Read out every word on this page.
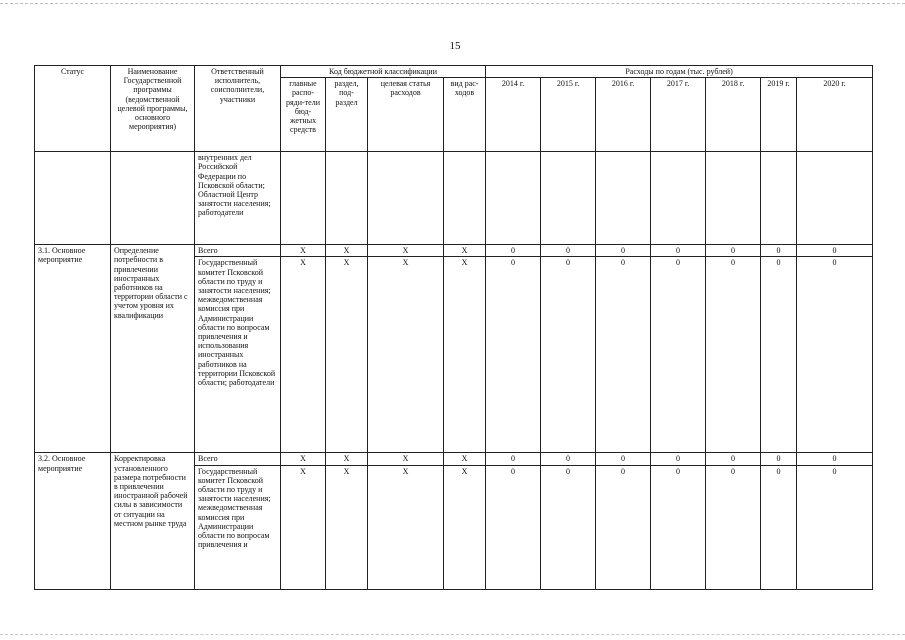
15
Статус	Наименование Государственной программы (ведомственной целевой программы, основного мероприятия)	Ответственный исполнитель, соисполнители, участники	Код бюджетной классификации				Расходы по годам (тыс. рублей)						
			главные распо-ряди-тели бюд-жетных средств	раздел, под-раздел	целевая статья расходов	вид рас-ходов	2014 г.	2015 г.	2016 г.	2017 г.	2018 г.	2019 г.	2020 г.
		внутренних дел Российской Федерации по Псковской области; Областной Центр занятости населения; работодатели											
3.1. Основное мероприятие	Определение потребности в привлечении иностранных работников на территории области с учетом уровня их квалификации	Всего	Х	Х	Х	Х	0	0	0	0	0	0	0
		Государственный комитет Псковской области по труду и занятости населения; межведомственная комиссия при Администрации области по вопросам привлечения и использования иностранных работников на территории Псковской области; работодатели	Х	Х	Х	Х	0	0	0	0	0	0	0
3.2. Основное мероприятие	Корректировка установленного размера потребности в привлечении иностранной рабочей силы в зависимости от ситуации на местном рынке труда	Всего	Х	Х	Х	Х	0	0	0	0	0	0	0
		Государственный комитет Псковской области по труду и занятости населения; межведомственная комиссия при Администрации области по вопросам привлечения и	Х	Х	Х	Х	0	0	0	0	0	0	0
